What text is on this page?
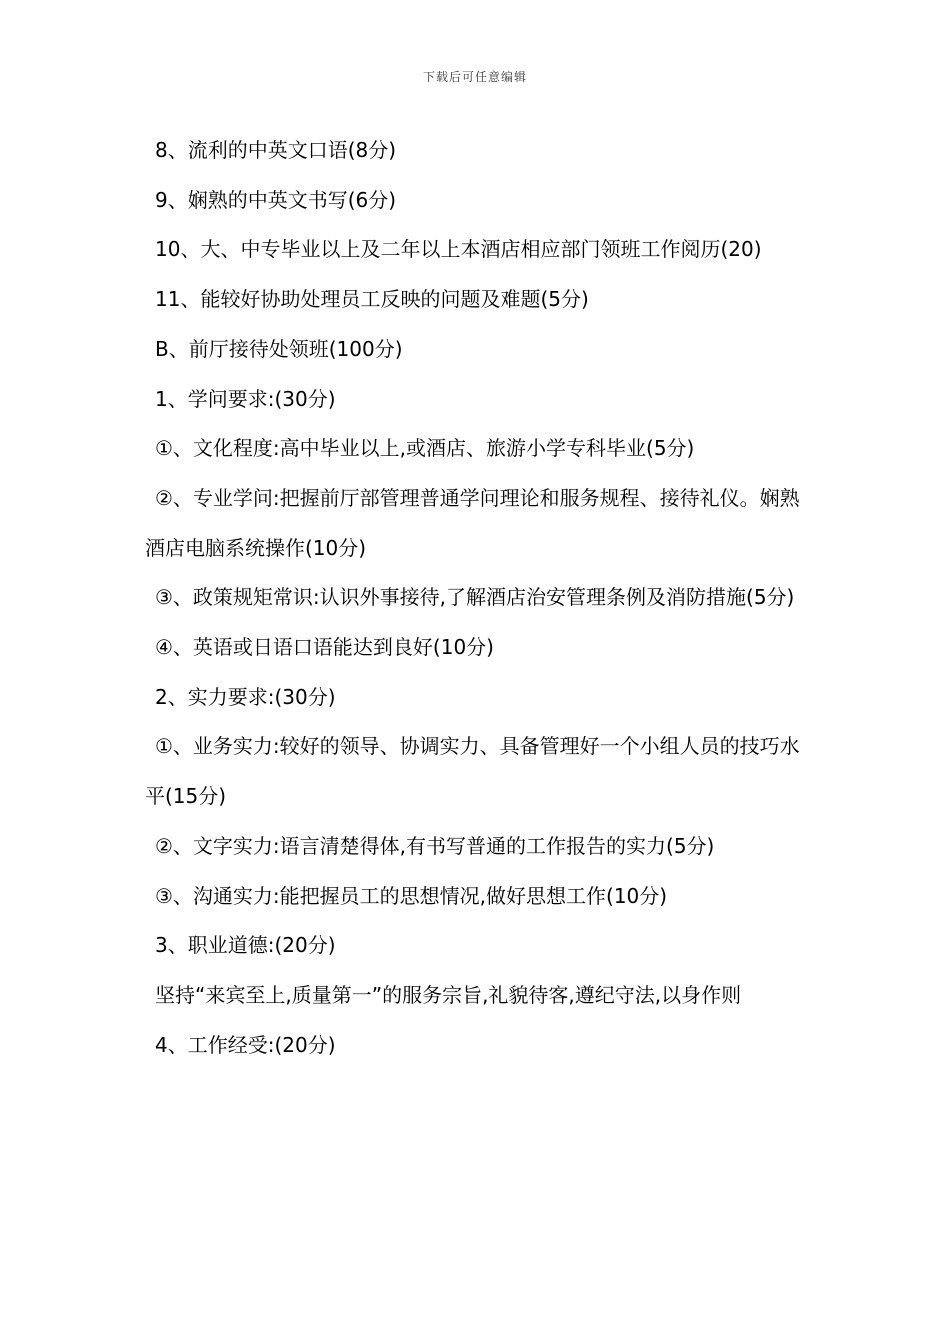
下载后可任意编辑

8、流利的中英文口语(8分)

9、娴熟的中英文书写(6分)

10、大、中专毕业以上及二年以上本酒店相应部门领班工作阅历(20)

11、能较好协助处理员工反映的问题及难题(5分)

B、前厅接待处领班(100分)

1、学问要求:(30分)

①、文化程度:高中毕业以上,或酒店、旅游小学专科毕业(5分)

②、专业学问:把握前厅部管理普通学问理论和服务规程、接待礼仪。娴熟酒店电脑系统操作(10分)

③、政策规矩常识:认识外事接待,了解酒店治安管理条例及消防措施(5分)

④、英语或日语口语能达到良好(10分)

2、实力要求:(30分)

①、业务实力:较好的领导、协调实力、具备管理好一个小组人员的技巧水平(15分)

②、文字实力:语言清楚得体,有书写普通的工作报告的实力(5分)

③、沟通实力:能把握员工的思想情况,做好思想工作(10分)

3、职业道德:(20分)

坚持“来宾至上,质量第一”的服务宗旨,礼貌待客,遵纪守法,以身作则

4、工作经受:(20分)
